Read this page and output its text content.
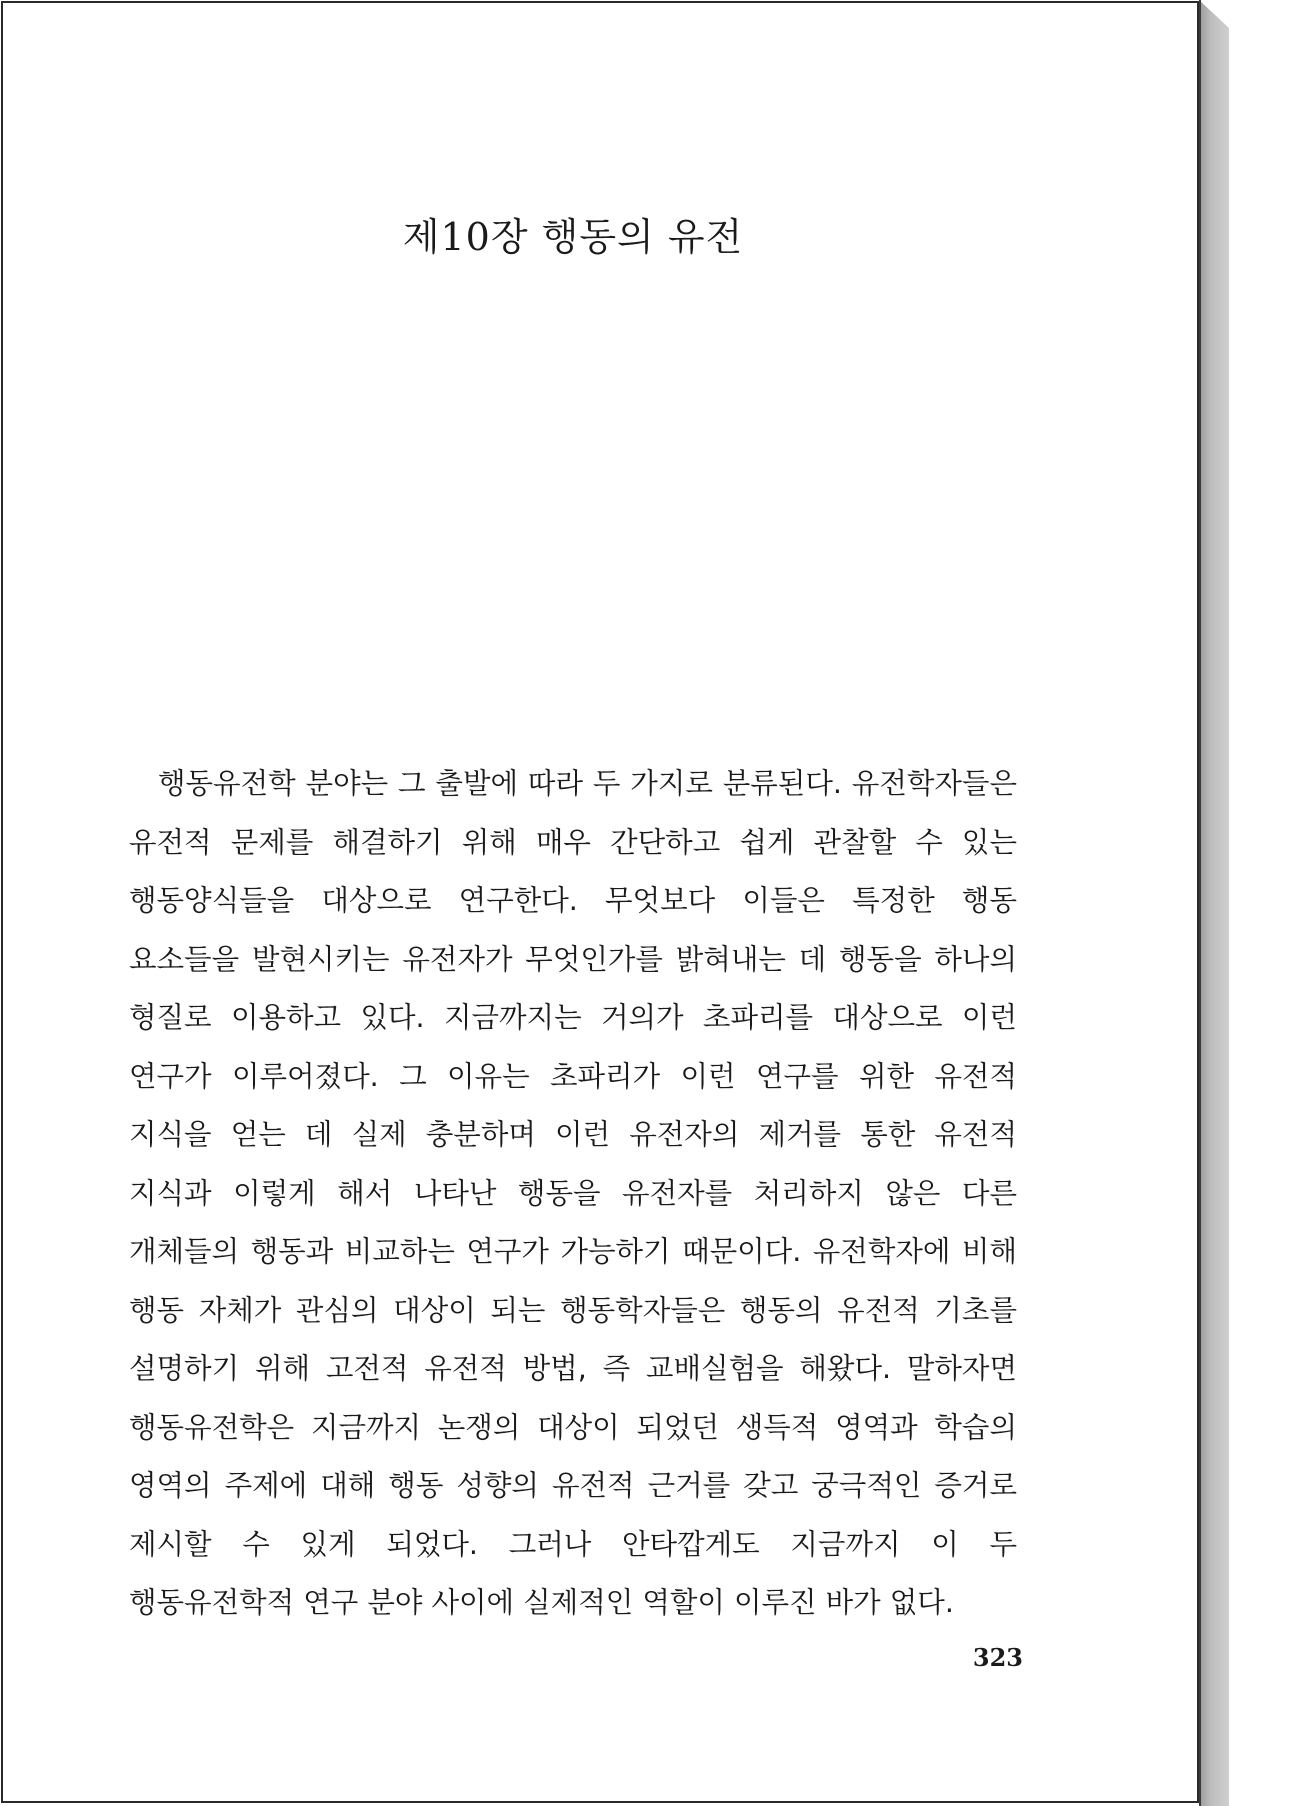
제10장 행동의 유전

행동유전학 분야는 그 출발에 따라 두 가지로 분류된다. 유전학자들은 유전적 문제를 해결하기 위해 매우 간단하고 쉽게 관찰할 수 있는 행동양식들을 대상으로 연구한다. 무엇보다 이들은 특정한 행동 요소들을 발현시키는 유전자가 무엇인가를 밝혀내는 데 행동을 하나의 형질로 이용하고 있다. 지금까지는 거의가 초파리를 대상으로 이런 연구가 이루어졌다. 그 이유는 초파리가 이런 연구를 위한 유전적 지식을 얻는 데 실제 충분하며 이런 유전자의 제거를 통한 유전적 지식과 이렇게 해서 나타난 행동을 유전자를 처리하지 않은 다른 개체들의 행동과 비교하는 연구가 가능하기 때문이다. 유전학자에 비해 행동 자체가 관심의 대상이 되는 행동학자들은 행동의 유전적 기초를 설명하기 위해 고전적 유전적 방법, 즉 교배실험을 해왔다. 말하자면 행동유전학은 지금까지 논쟁의 대상이 되었던 생득적 영역과 학습의 영역의 주제에 대해 행동 성향의 유전적 근거를 갖고 궁극적인 증거로 제시할 수 있게 되었다. 그러나 안타깝게도 지금까지 이 두 행동유전학적 연구 분야 사이에 실제적인 역할이 이루진 바가 없다.

323
